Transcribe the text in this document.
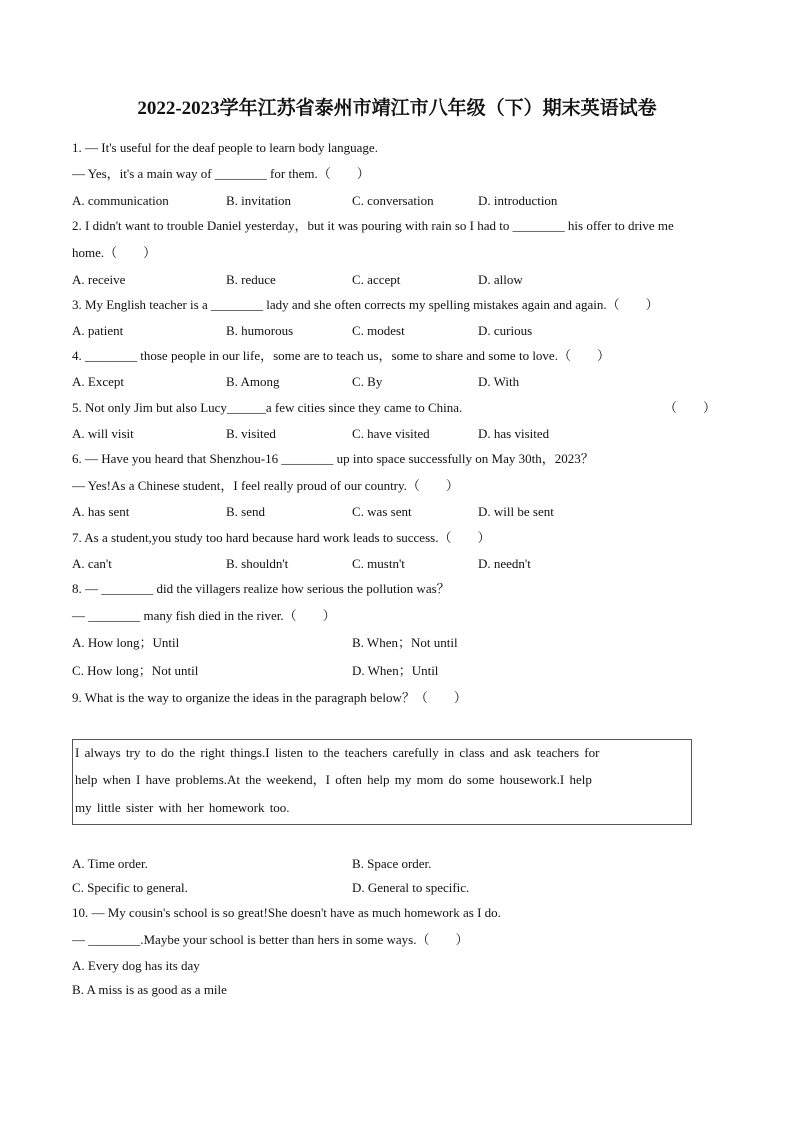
2022-2023学年江苏省泰州市靖江市八年级（下）期末英语试卷
1. — It's useful for the deaf people to learn body language.
— Yes，it's a main way of ________ for them.（　　）
A. communication	B. invitation	C. conversation	D. introduction
2. I didn't want to trouble Daniel yesterday，but it was pouring with rain so I had to ________ his offer to drive me
home.（　　）
A. receive	B. reduce	C. accept	D. allow
3. My English teacher is a ________ lady and she often corrects my spelling mistakes again and again.（　　）
A. patient	B. humorous	C. modest	D. curious
4. ________ those people in our life，some are to teach us，some to share and some to love.（　　）
A. Except	B. Among	C. By	D. With
5. Not only Jim but also Lucy______a few cities since they came to China.	（　　）
A. will visit	B. visited	C. have visited	D. has visited
6. — Have you heard that Shenzhou-16 ________ up into space successfully on May 30th，2023？
— Yes!As a Chinese student，I feel really proud of our country.（　　）
A. has sent	B. send	C. was sent	D. will be sent
7. As a student,you study too hard because hard work leads to success.（　　）
A. can't	B. shouldn't	C. mustn't	D. needn't
8. — ________ did the villagers realize how serious the pollution was？
— ________ many fish died in the river.（　　）
A. How long；Until	B. When；Not until
C. How long；Not until	D. When；Until
9. What is the way to organize the ideas in the paragraph below？（　　）
I always try to do the right things.I listen to the teachers carefully in class and ask teachers for
help when I have problems.At the weekend，I often help my mom do some housework.I help
my little sister with her homework too.
A. Time order.	B. Space order.
C. Specific to general.	D. General to specific.
10. — My cousin's school is so great!She doesn't have as much homework as I do.
— ________.Maybe your school is better than hers in some ways.（　　）
A. Every dog has its day
B. A miss is as good as a mile
